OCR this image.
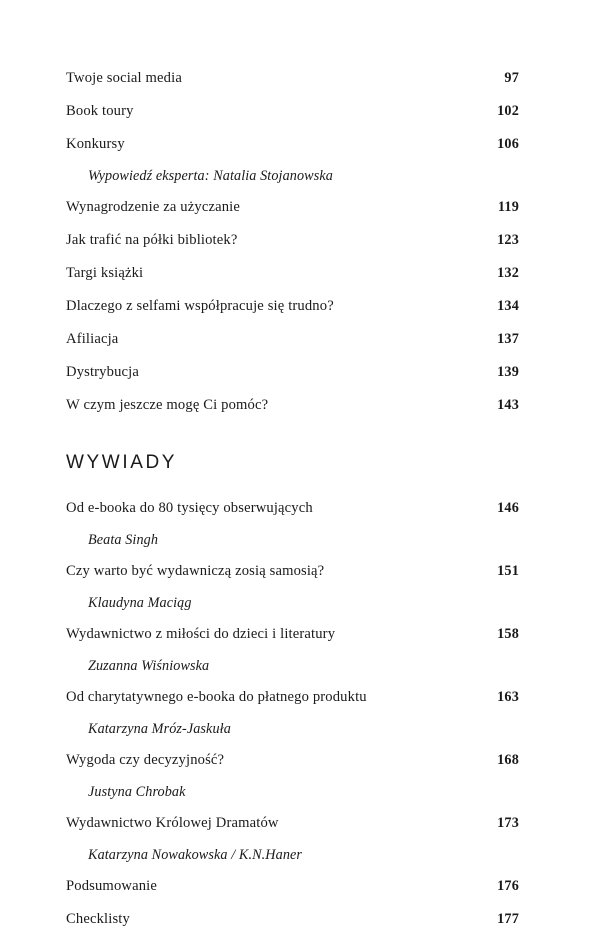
Twoje social media	97
Book toury	102
Konkursy	106
Wypowiedź eksperta: Natalia Stojanowska
Wynagrodzenie za użyczanie	119
Jak trafić na półki bibliotek?	123
Targi książki	132
Dlaczego z selfami współpracuje się trudno?	134
Afiliacja	137
Dystrybucja	139
W czym jeszcze mogę Ci pomóc?	143
WYWIADY
Od e-booka do 80 tysięcy obserwujących	146
Beata Singh
Czy warto być wydawniczą zosią samosią?	151
Klaudyna Maciąg
Wydawnictwo z miłości do dzieci i literatury	158
Zuzanna Wiśniowska
Od charytatywnego e-booka do płatnego produktu	163
Katarzyna Mróz-Jaskuła
Wygoda czy decyzyjność?	168
Justyna Chrobak
Wydawnictwo Królowej Dramatów	173
Katarzyna Nowakowska / K.N.Haner
Podsumowanie	176
Checklisty	177
